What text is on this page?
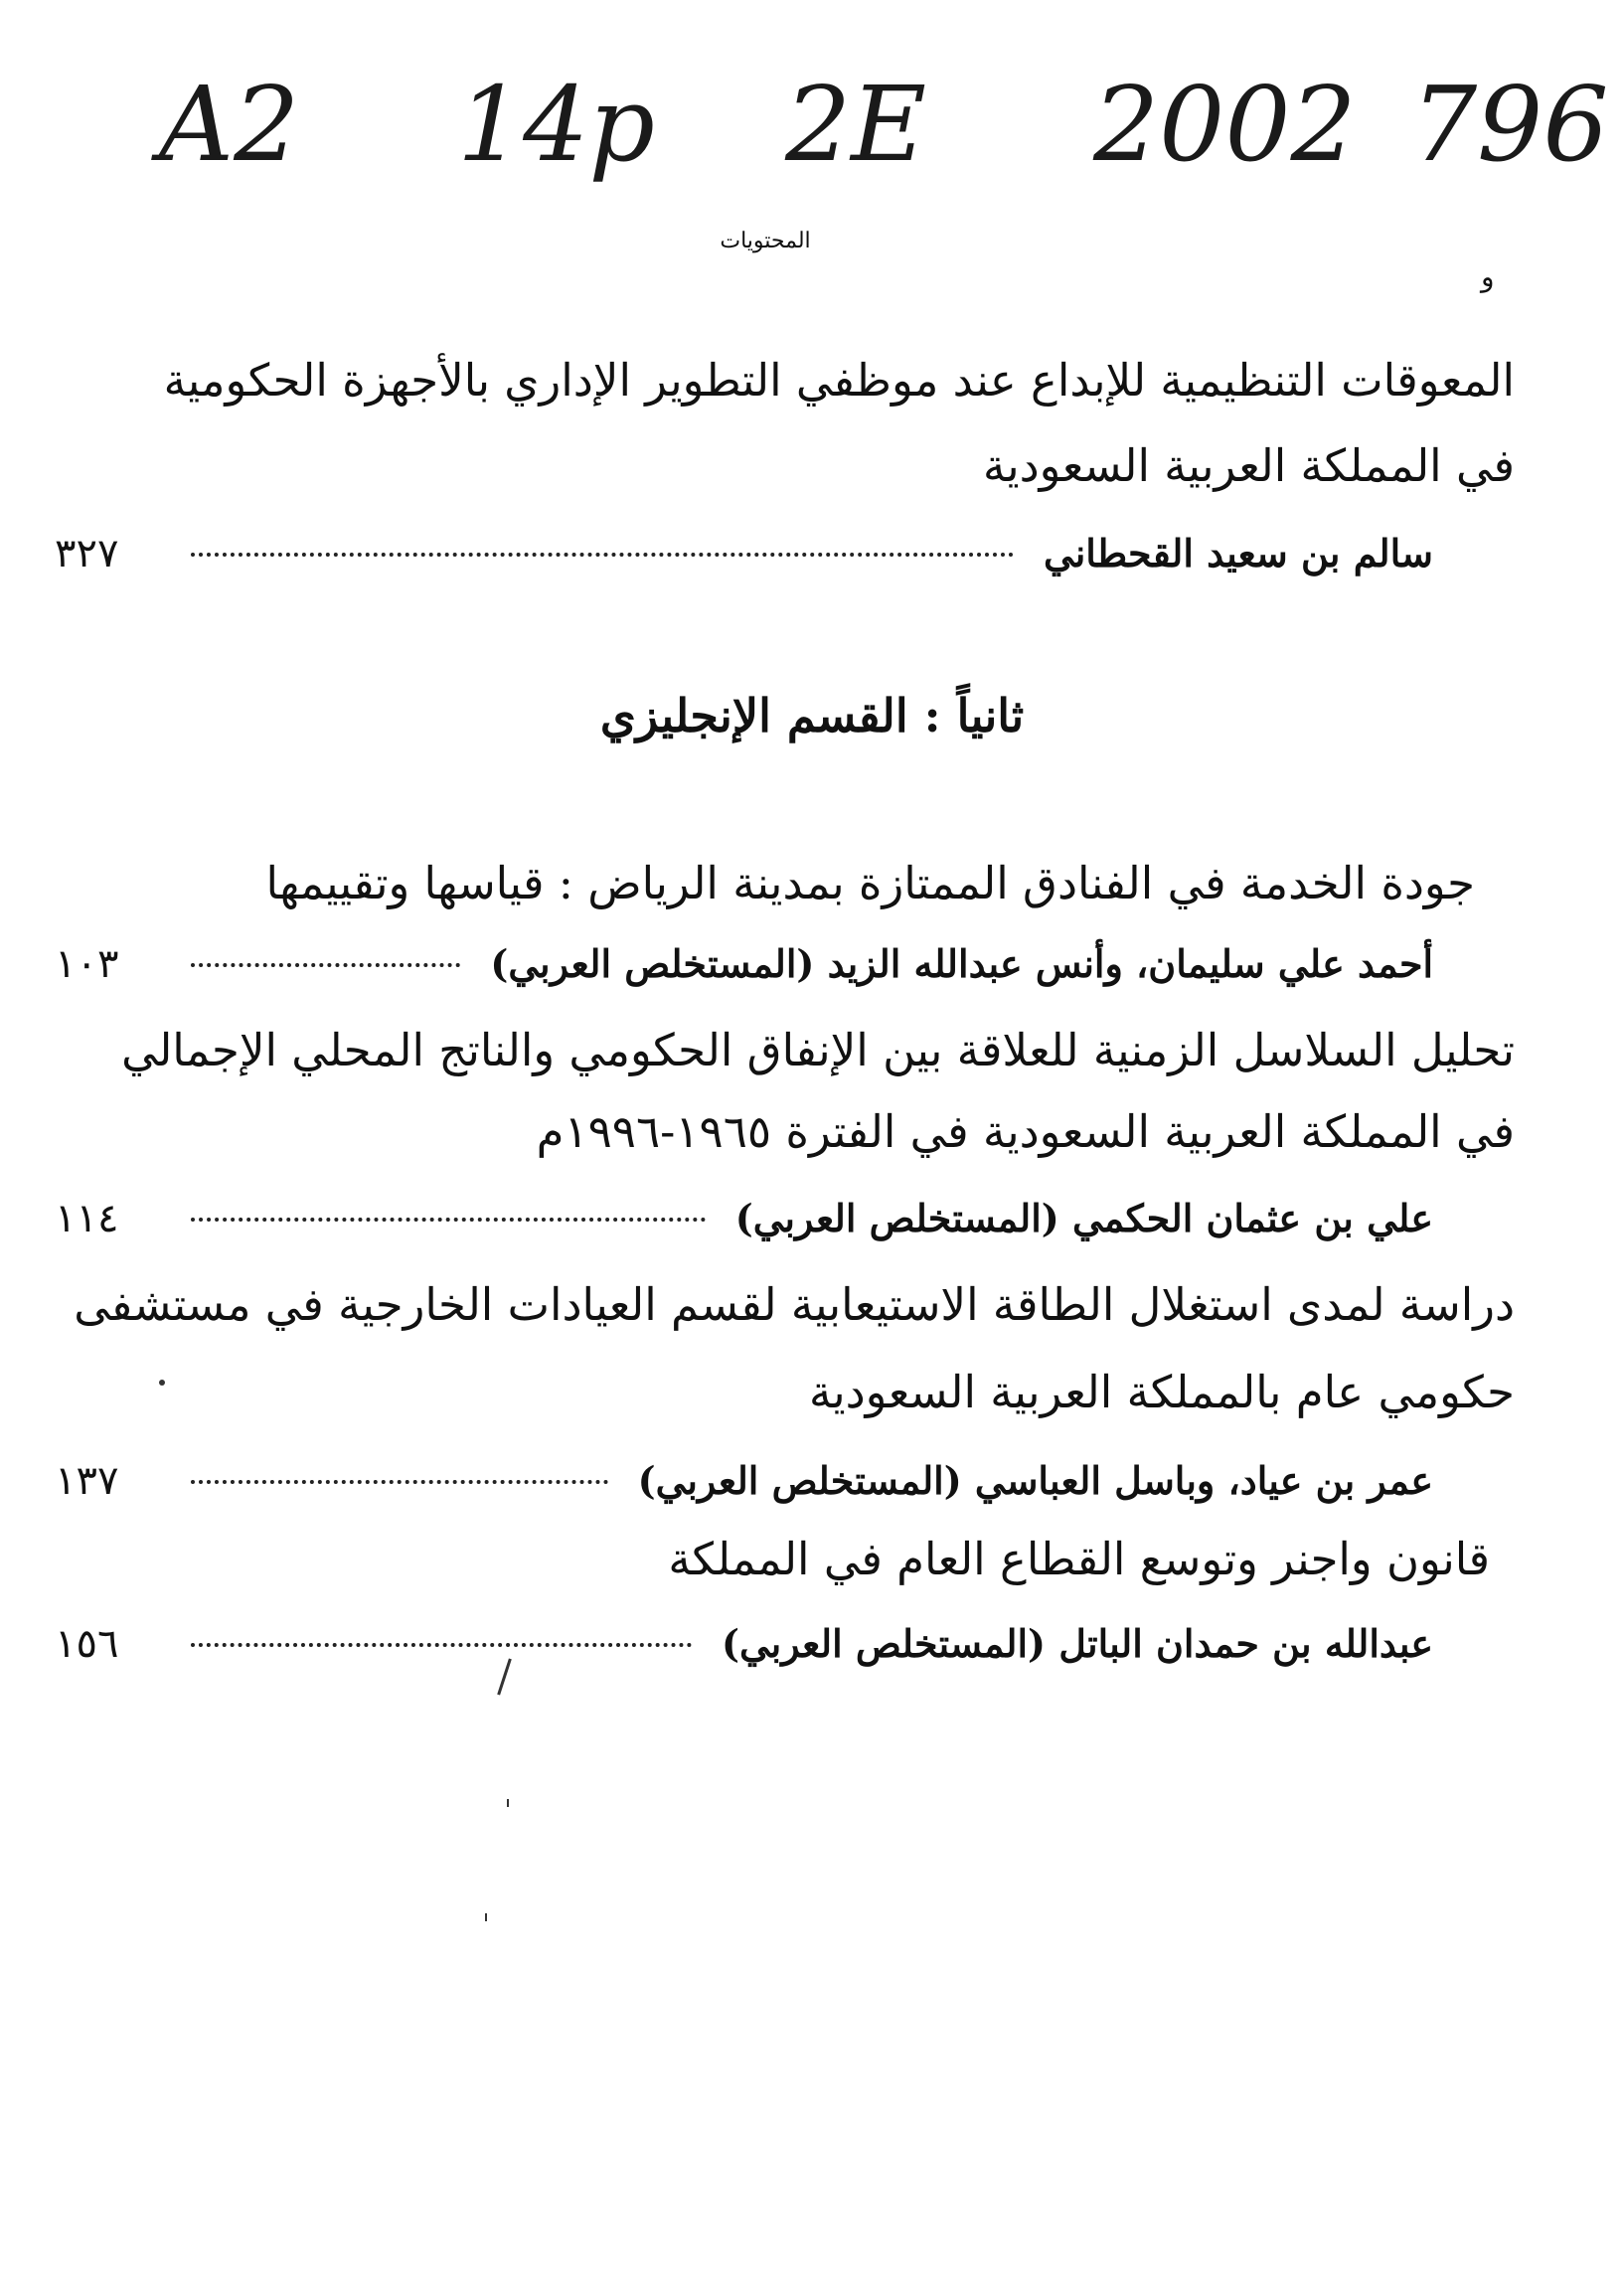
A2 14p 2E 2002 796
المحتويات
و
المعوقات التنظيمية للإبداع عند موظفي التطوير الإداري بالأجهزة الحكومية
في المملكة العربية السعودية
سالم بن سعيد القحطاني
٣٢٧
ثانياً : القسم الإنجليزي
جودة الخدمة في الفنادق الممتازة بمدينة الرياض : قياسها وتقييمها
أحمد علي سليمان، وأنس عبدالله الزيد (المستخلص العربي)
١٠٣
تحليل السلاسل الزمنية للعلاقة بين الإنفاق الحكومي والناتج المحلي الإجمالي
في المملكة العربية السعودية في الفترة ١٩٦٥-١٩٩٦م
علي بن عثمان الحكمي (المستخلص العربي)
١١٤
دراسة لمدى استغلال الطاقة الاستيعابية لقسم العيادات الخارجية في مستشفى
حكومي عام بالمملكة العربية السعودية
عمر بن عياد، وباسل العباسي (المستخلص العربي)
١٣٧
قانون واجنر وتوسع القطاع العام في المملكة
عبدالله بن حمدان الباتل (المستخلص العربي)
١٥٦
